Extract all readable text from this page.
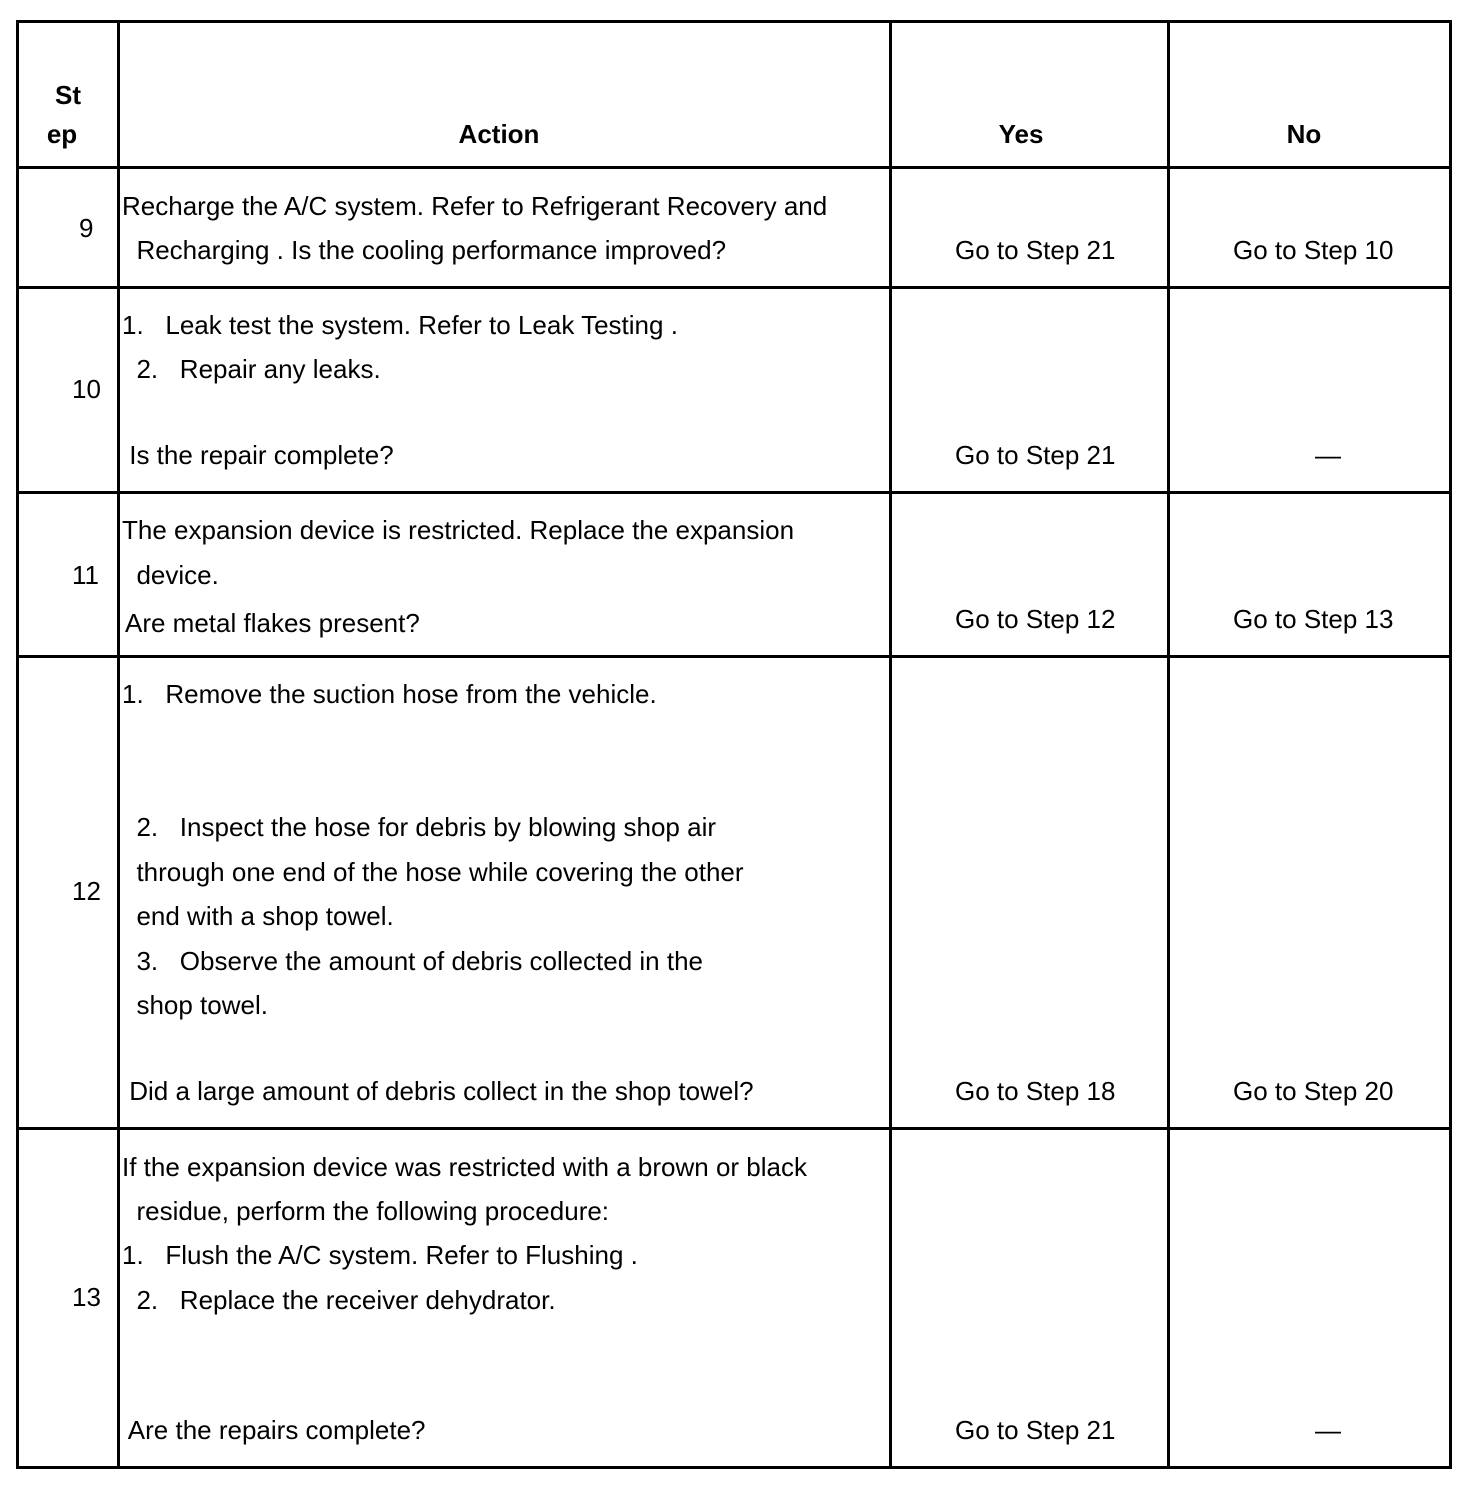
St
ep	Action	Yes	No
9
Recharge the A/C system. Refer to Refrigerant Recovery and
Recharging . Is the cooling performance improved?	Go to Step 21	Go to Step 10
10
1.   Leak test the system. Refer to Leak Testing .
2.   Repair any leaks.
Is the repair complete?	Go to Step 21	—
11
The expansion device is restricted. Replace the expansion
device.
Are metal flakes present?	Go to Step 12	Go to Step 13
12
1.   Remove the suction hose from the vehicle.
2.   Inspect the hose for debris by blowing shop air
through one end of the hose while covering the other
end with a shop towel.
3.   Observe the amount of debris collected in the
shop towel.
Did a large amount of debris collect in the shop towel?	Go to Step 18	Go to Step 20
13
If the expansion device was restricted with a brown or black
residue, perform the following procedure:
1.   Flush the A/C system. Refer to Flushing .
2.   Replace the receiver dehydrator.
Are the repairs complete?	Go to Step 21	—
